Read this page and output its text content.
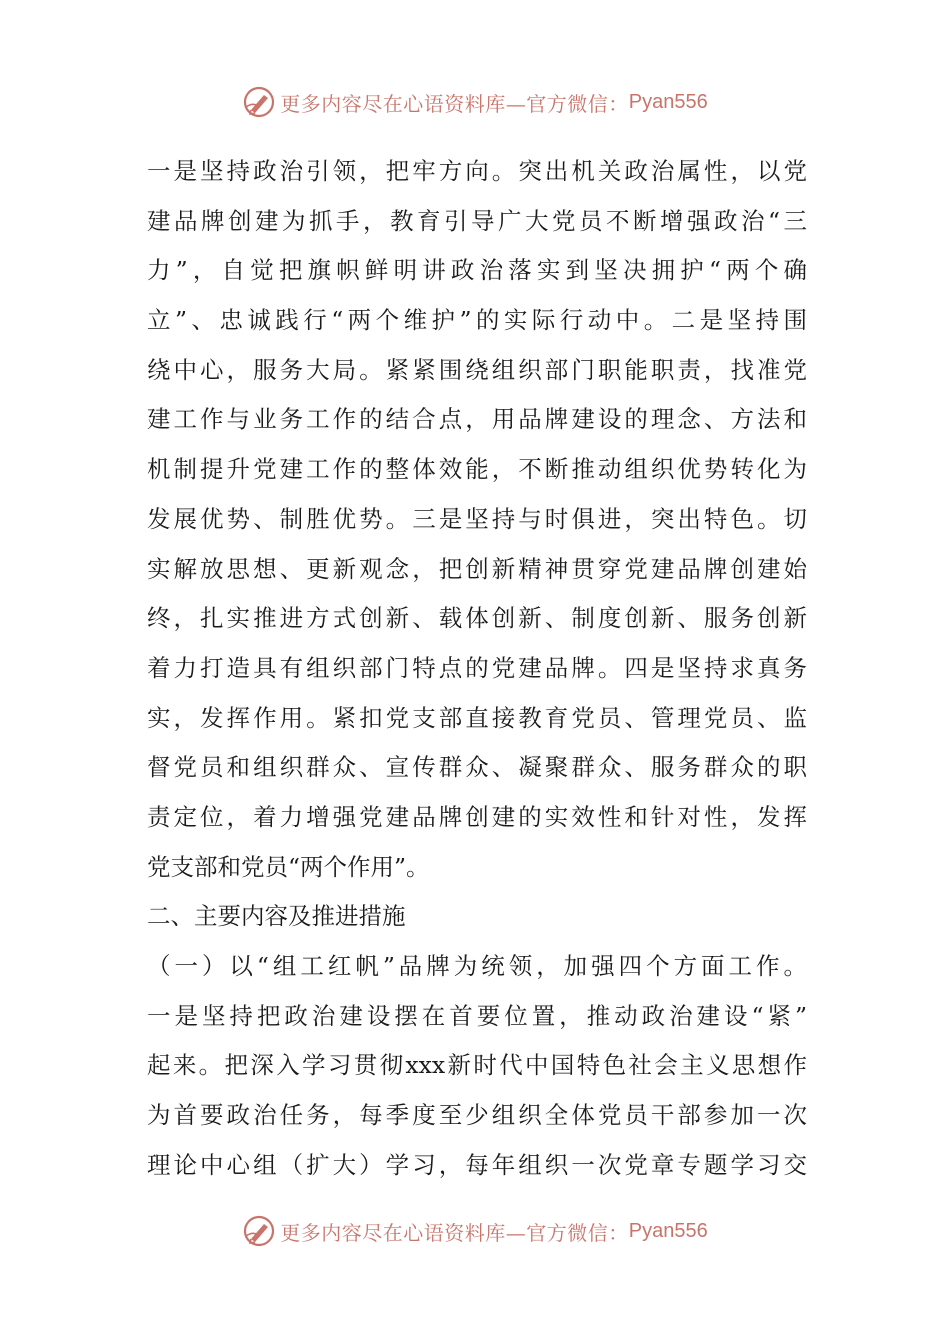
更多内容尽在心语资料库—官方微信： Pyan556
一是坚持政治引领，把牢方向。突出机关政治属性，以党
建品牌创建为抓手，教育引导广大党员不断增强政治“三
力”，自觉把旗帜鲜明讲政治落实到坚决拥护“两个确
立”、忠诚践行“两个维护”的实际行动中。二是坚持围
绕中心，服务大局。紧紧围绕组织部门职能职责，找准党
建工作与业务工作的结合点，用品牌建设的理念、方法和
机制提升党建工作的整体效能，不断推动组织优势转化为
发展优势、制胜优势。三是坚持与时俱进，突出特色。切
实解放思想、更新观念，把创新精神贯穿党建品牌创建始
终，扎实推进方式创新、载体创新、制度创新、服务创新
着力打造具有组织部门特点的党建品牌。四是坚持求真务
实，发挥作用。紧扣党支部直接教育党员、管理党员、监
督党员和组织群众、宣传群众、凝聚群众、服务群众的职
责定位，着力增强党建品牌创建的实效性和针对性，发挥
党支部和党员“两个作用”。
二、主要内容及推进措施
（一）以“组工红帆”品牌为统领，加强四个方面工作。
一是坚持把政治建设摆在首要位置，推动政治建设“紧”
起来。把深入学习贯彻xxx新时代中国特色社会主义思想作
为首要政治任务，每季度至少组织全体党员干部参加一次
理论中心组（扩大）学习，每年组织一次党章专题学习交
更多内容尽在心语资料库—官方微信： Pyan556
